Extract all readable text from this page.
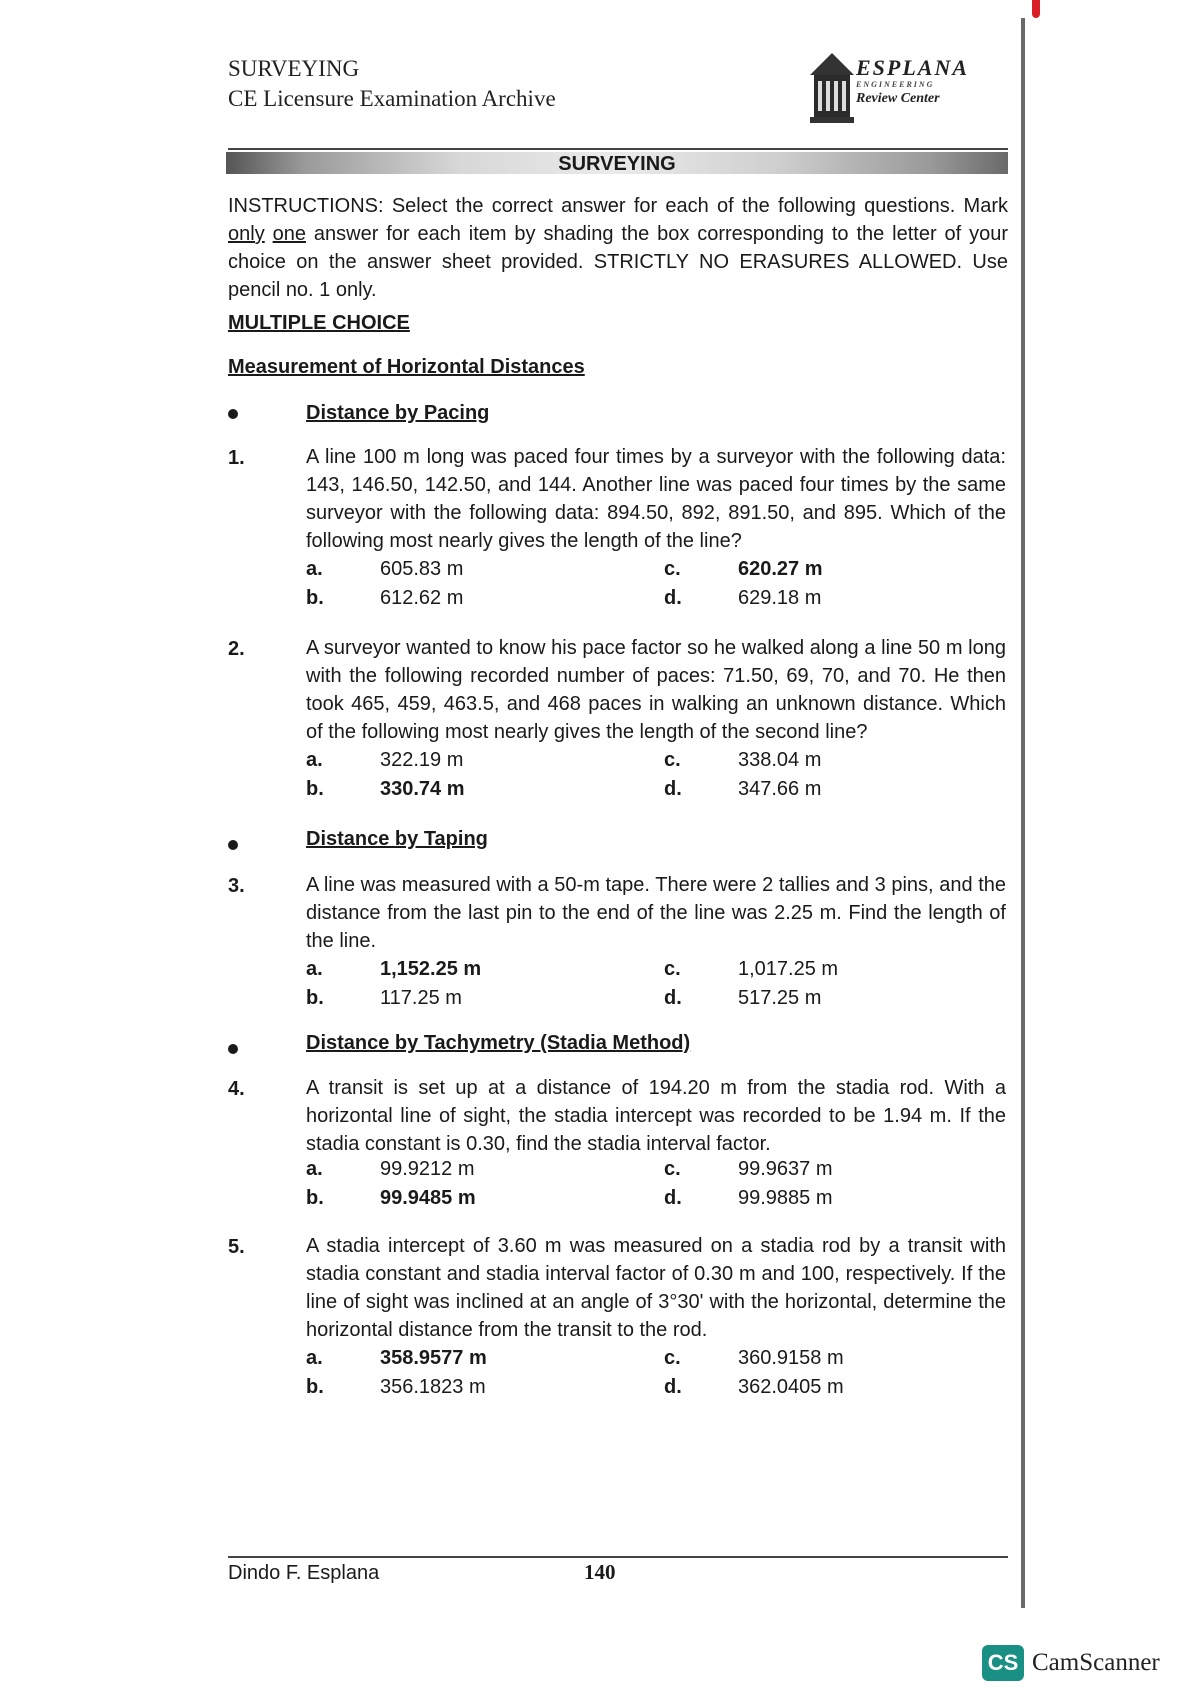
SURVEYING
CE Licensure Examination Archive
ESPLANA
ENGINEERING
Review Center
SURVEYING
INSTRUCTIONS: Select the correct answer for each of the following questions. Mark only one answer for each item by shading the box corresponding to the letter of your choice on the answer sheet provided. STRICTLY NO ERASURES ALLOWED. Use pencil no. 1 only.
MULTIPLE CHOICE
Measurement of Horizontal Distances
Distance by Pacing
1.	A line 100 m long was paced four times by a surveyor with the following data: 143, 146.50, 142.50, and 144. Another line was paced four times by the same surveyor with the following data: 894.50, 892, 891.50, and 895. Which of the following most nearly gives the length of the line?
a.	605.83 m
b.	612.62 m
c.	620.27 m
d.	629.18 m
2.	A surveyor wanted to know his pace factor so he walked along a line 50 m long with the following recorded number of paces: 71.50, 69, 70, and 70. He then took 465, 459, 463.5, and 468 paces in walking an unknown distance. Which of the following most nearly gives the length of the second line?
a.	322.19 m
b.	330.74 m
c.	338.04 m
d.	347.66 m
Distance by Taping
3.	A line was measured with a 50-m tape. There were 2 tallies and 3 pins, and the distance from the last pin to the end of the line was 2.25 m. Find the length of the line.
a.	1,152.25 m
b.	117.25 m
c.	1,017.25 m
d.	517.25 m
Distance by Tachymetry (Stadia Method)
4.	A transit is set up at a distance of 194.20 m from the stadia rod. With a horizontal line of sight, the stadia intercept was recorded to be 1.94 m. If the stadia constant is 0.30, find the stadia interval factor.
a.	99.9212 m
b.	99.9485 m
c.	99.9637 m
d.	99.9885 m
5.	A stadia intercept of 3.60 m was measured on a stadia rod by a transit with stadia constant and stadia interval factor of 0.30 m and 100, respectively. If the line of sight was inclined at an angle of 3°30' with the horizontal, determine the horizontal distance from the transit to the rod.
a.	358.9577 m
b.	356.1823 m
c.	360.9158 m
d.	362.0405 m
Dindo F. Esplana	140
CS CamScanner
